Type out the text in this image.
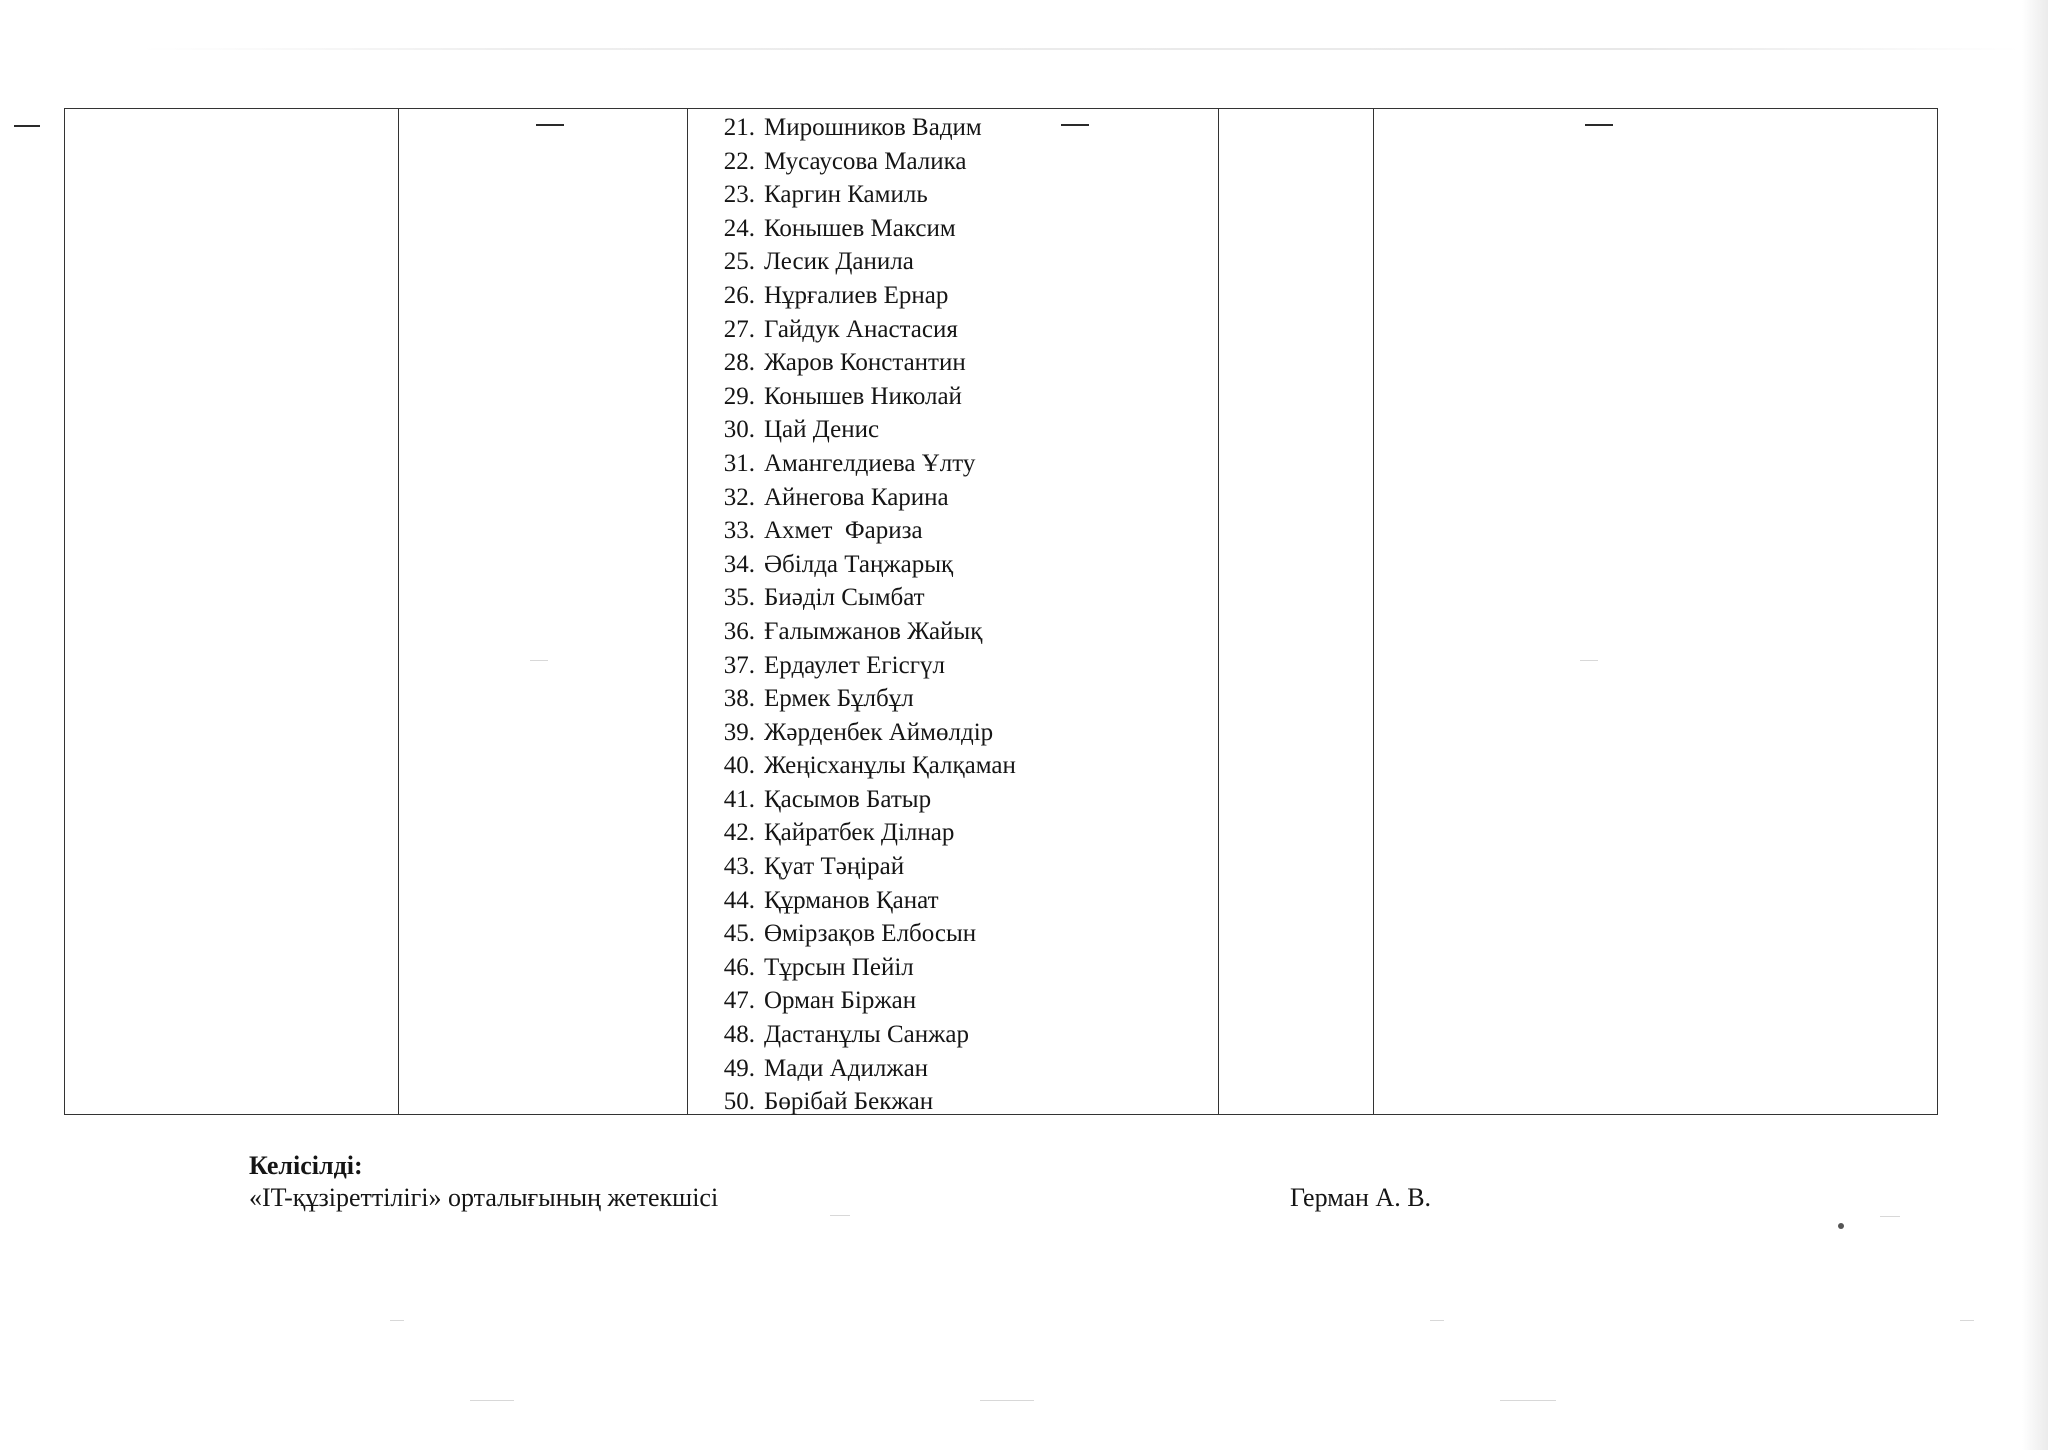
21. Мирошников Вадим
22. Мусаусова Малика
23. Каргин Камиль
24. Конышев Максим
25. Лесик Данила
26. Нұрғалиев Ернар
27. Гайдук Анастасия
28. Жаров Константин
29. Конышев Николай
30. Цай Денис
31. Амангелдиева Ұлту
32. Айнегова Карина
33. Ахмет  Фариза
34. Әбілда Таңжарық
35. Биәділ Сымбат
36. Ғалымжанов Жайық
37. Ердаулет Егісгүл
38. Ермек Бұлбұл
39. Жәрденбек Аймөлдір
40. Жеңісханұлы Қалқаман
41. Қасымов Батыр
42. Қайратбек Ділнар
43. Қуат Тәңірай
44. Құрманов Қанат
45. Өмірзақов Елбосын
46. Тұрсын Пейіл
47. Орман Біржан
48. Дастанұлы Санжар
49. Мади Адилжан
50. Бөрібай Бекжан
Келісілді:
«IT-құзіреттілігі» орталығының жетекшісі	Герман А. В.
